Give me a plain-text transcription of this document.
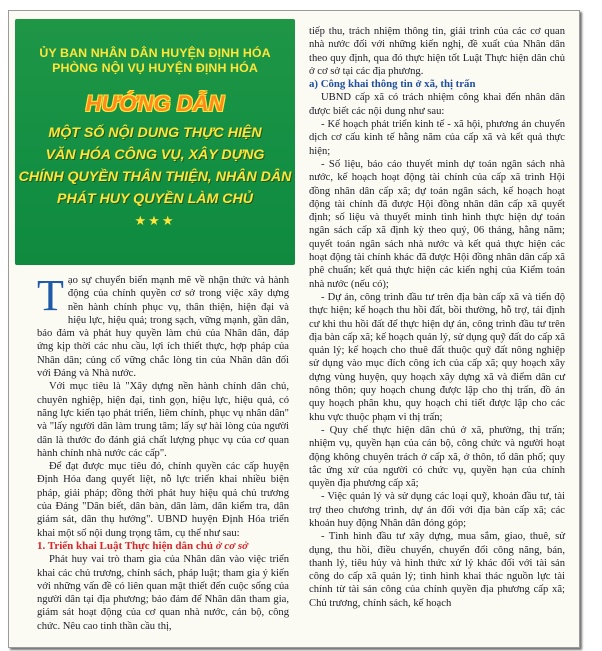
ỦY BAN NHÂN DÂN HUYỆN ĐỊNH HÓA
PHÒNG NỘI VỤ HUYỆN ĐỊNH HÓA
HƯỚNG DẪN
MỘT SỐ NỘI DUNG THỰC HIỆN
VĂN HÓA CÔNG VỤ, XÂY DỰNG
CHÍNH QUYỀN THÂN THIỆN, NHÂN DÂN
PHÁT HUY QUYỀN LÀM CHỦ
★★★

Tạo sự chuyển biến mạnh mẽ về nhận thức và hành động của chính quyền cơ sở trong việc xây dựng nền hành chính phục vụ, thân thiện, hiện đại và hiệu lực, hiệu quả; trong sạch, vững mạnh, gần dân, bảo đảm và phát huy quyền làm chủ của Nhân dân, đáp ứng kịp thời các nhu cầu, lợi ích thiết thực, hợp pháp của Nhân dân; củng cố vững chắc lòng tin của Nhân dân đối với Đảng và Nhà nước.

Với mục tiêu là "Xây dựng nền hành chính dân chủ, chuyên nghiệp, hiện đại, tinh gọn, hiệu lực, hiệu quả, có năng lực kiến tạo phát triển, liêm chính, phục vụ nhân dân" và "lấy người dân làm trung tâm; lấy sự hài lòng của người dân là thước đo đánh giá chất lượng phục vụ của cơ quan hành chính nhà nước các cấp".

Để đạt được mục tiêu đó, chính quyền các cấp huyện Định Hóa đang quyết liệt, nỗ lực triển khai nhiều biện pháp, giải pháp; đồng thời phát huy hiệu quả chủ trương của Đảng "Dân biết, dân bàn, dân làm, dân kiểm tra, dân giám sát, dân thụ hưởng". UBND huyện Định Hóa triển khai một số nội dung trọng tâm, cụ thể như sau:

1. Triển khai Luật Thực hiện dân chủ ở cơ sở

Phát huy vai trò tham gia của Nhân dân vào việc triển khai các chủ trương, chính sách, pháp luật; tham gia ý kiến với những vấn đề có liên quan mật thiết đến cuộc sống của người dân tại địa phương; bảo đảm để Nhân dân tham gia, giám sát hoạt động của cơ quan nhà nước, cán bộ, công chức. Nêu cao tinh thần cầu thị,

tiếp thu, trách nhiệm thông tin, giải trình của các cơ quan nhà nước đối với những kiến nghị, đề xuất của Nhân dân theo quy định, qua đó thực hiện tốt Luật Thực hiện dân chủ ở cơ sở tại các địa phương.

a) Công khai thông tin ở xã, thị trấn

UBND cấp xã có trách nhiệm công khai đến nhân dân được biết các nội dung như sau:

- Kế hoạch phát triển kinh tế - xã hội, phương án chuyển dịch cơ cấu kinh tế hằng năm của cấp xã và kết quả thực hiện;

- Số liệu, báo cáo thuyết minh dự toán ngân sách nhà nước, kế hoạch hoạt động tài chính của cấp xã trình Hội đồng nhân dân cấp xã; dự toán ngân sách, kế hoạch hoạt động tài chính đã được Hội đồng nhân dân cấp xã quyết định; số liệu và thuyết minh tình hình thực hiện dự toán ngân sách cấp xã định kỳ theo quý, 06 tháng, hằng năm; quyết toán ngân sách nhà nước và kết quả thực hiện các hoạt động tài chính khác đã được Hội đồng nhân dân cấp xã phê chuẩn; kết quả thực hiện các kiến nghị của Kiểm toán nhà nước (nếu có);

- Dự án, công trình đầu tư trên địa bàn cấp xã và tiến độ thực hiện; kế hoạch thu hồi đất, bồi thường, hỗ trợ, tái định cư khi thu hồi đất để thực hiện dự án, công trình đầu tư trên địa bàn cấp xã; kế hoạch quản lý, sử dụng quỹ đất do cấp xã quản lý; kế hoạch cho thuê đất thuộc quỹ đất nông nghiệp sử dụng vào mục đích công ích của cấp xã; quy hoạch xây dựng vùng huyện, quy hoạch xây dựng xã và điểm dân cư nông thôn; quy hoạch chung được lập cho thị trấn, đồ án quy hoạch phân khu, quy hoạch chi tiết được lập cho các khu vực thuộc phạm vi thị trấn;

- Quy chế thực hiện dân chủ ở xã, phường, thị trấn; nhiệm vụ, quyền hạn của cán bộ, công chức và người hoạt động không chuyên trách ở cấp xã, ở thôn, tổ dân phố; quy tắc ứng xử của người có chức vụ, quyền hạn của chính quyền địa phương cấp xã;

- Việc quản lý và sử dụng các loại quỹ, khoản đầu tư, tài trợ theo chương trình, dự án đối với địa bàn cấp xã; các khoản huy động Nhân dân đóng góp;

- Tình hình đầu tư xây dựng, mua sắm, giao, thuê, sử dụng, thu hồi, điều chuyển, chuyển đổi công năng, bán, thanh lý, tiêu hủy và hình thức xử lý khác đối với tài sản công do cấp xã quản lý; tình hình khai thác nguồn lực tài chính từ tài sản công của chính quyền địa phương cấp xã; Chủ trương, chính sách, kế hoạch
